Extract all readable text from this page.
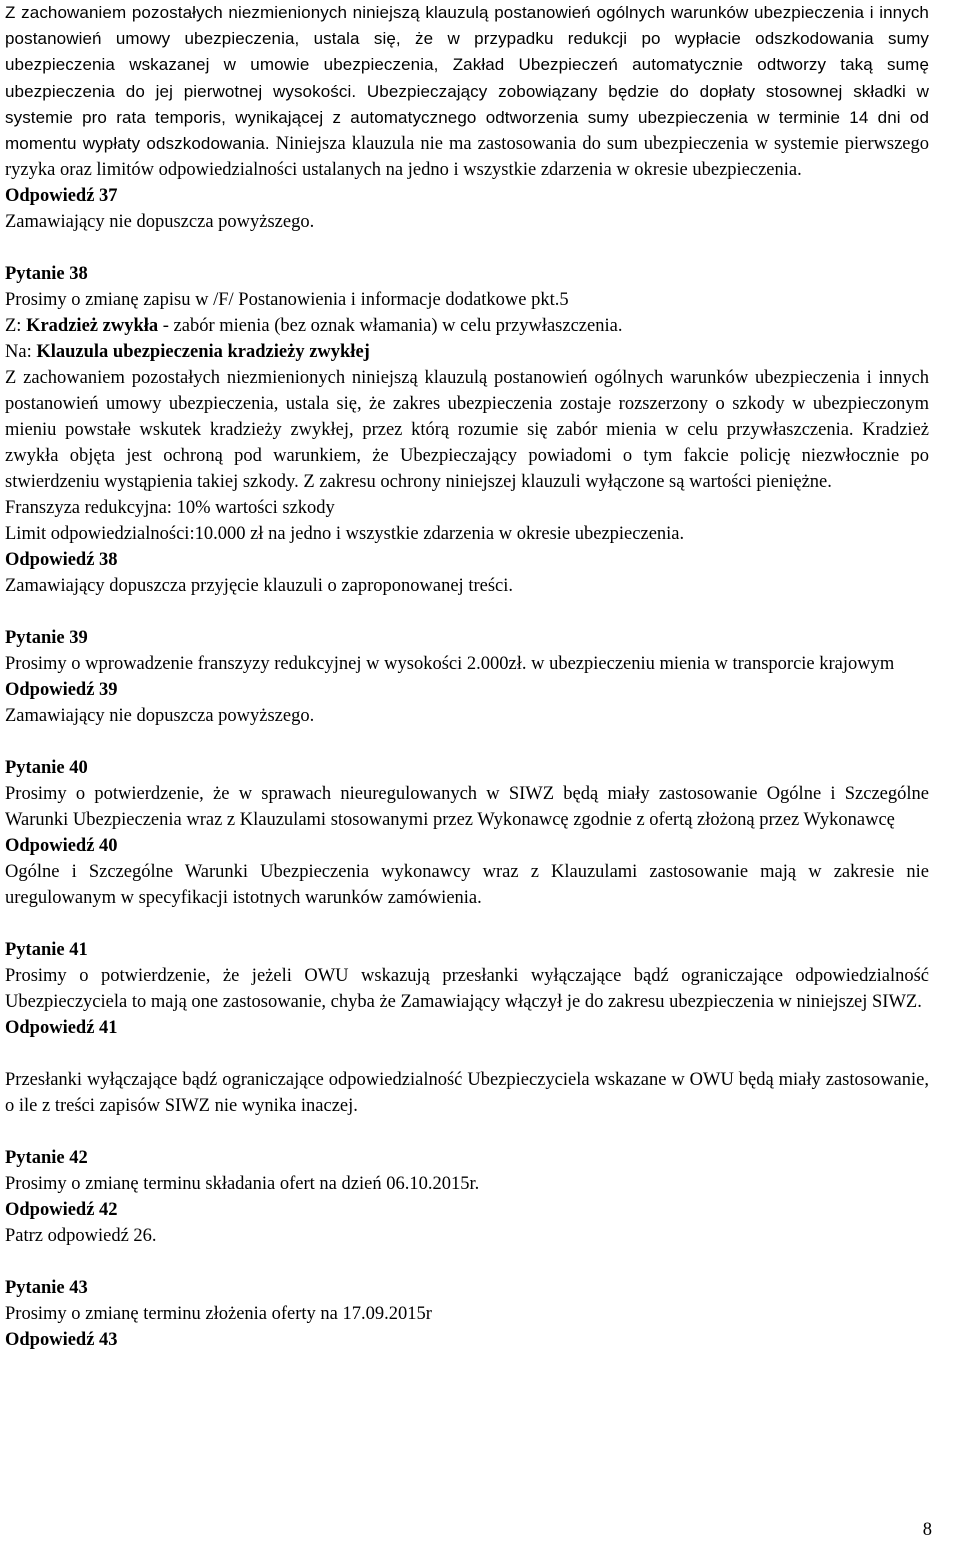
Z zachowaniem pozostałych niezmienionych niniejszą klauzulą postanowień ogólnych warunków ubezpieczenia i innych postanowień umowy ubezpieczenia, ustala się, że w przypadku redukcji po wypłacie odszkodowania sumy ubezpieczenia wskazanej w umowie ubezpieczenia, Zakład Ubezpieczeń automatycznie odtworzy taką sumę ubezpieczenia do jej pierwotnej wysokości. Ubezpieczający zobowiązany będzie do dopłaty stosownej składki w systemie pro rata temporis, wynikającej z automatycznego odtworzenia sumy ubezpieczenia w terminie 14 dni od momentu wypłaty odszkodowania. Niniejsza klauzula nie ma zastosowania do sum ubezpieczenia w systemie pierwszego ryzyka oraz limitów odpowiedzialności ustalanych na jedno i wszystkie zdarzenia w okresie ubezpieczenia.

Odpowiedź 37

Zamawiający nie dopuszcza powyższego.

Pytanie 38

Prosimy o zmianę zapisu w /F/ Postanowienia i informacje dodatkowe pkt.5

Z: Kradzież zwykła - zabór mienia (bez oznak włamania) w celu przywłaszczenia.

Na: Klauzula ubezpieczenia kradzieży zwykłej

Z zachowaniem pozostałych niezmienionych niniejszą klauzulą postanowień ogólnych warunków ubezpieczenia i innych postanowień umowy ubezpieczenia, ustala się, że zakres ubezpieczenia zostaje rozszerzony o szkody w ubezpieczonym mieniu powstałe wskutek kradzieży zwykłej, przez którą rozumie się zabór mienia w celu przywłaszczenia. Kradzież zwykła objęta jest ochroną pod warunkiem, że Ubezpieczający powiadomi o tym fakcie policję niezwłocznie po stwierdzeniu wystąpienia takiej szkody. Z zakresu ochrony niniejszej klauzuli wyłączone są wartości pieniężne.

Franszyza redukcyjna: 10% wartości szkody

Limit odpowiedzialności:10.000 zł na jedno i wszystkie zdarzenia w okresie ubezpieczenia.

Odpowiedź 38

Zamawiający dopuszcza przyjęcie klauzuli o zaproponowanej treści.

Pytanie 39

Prosimy o wprowadzenie franszyzy redukcyjnej w wysokości 2.000zł. w ubezpieczeniu mienia w transporcie krajowym

Odpowiedź 39

Zamawiający nie dopuszcza powyższego.

Pytanie 40

Prosimy o potwierdzenie, że w sprawach nieuregulowanych w SIWZ będą miały zastosowanie Ogólne i Szczególne Warunki Ubezpieczenia wraz z Klauzulami stosowanymi przez Wykonawcę zgodnie z ofertą złożoną przez Wykonawcę

Odpowiedź 40

Ogólne i Szczególne Warunki Ubezpieczenia wykonawcy wraz z Klauzulami zastosowanie mają w zakresie nie uregulowanym w specyfikacji istotnych warunków zamówienia.

Pytanie 41

Prosimy o potwierdzenie, że jeżeli OWU wskazują przesłanki wyłączające bądź ograniczające odpowiedzialność Ubezpieczyciela to mają one zastosowanie, chyba że Zamawiający włączył je do zakresu ubezpieczenia w niniejszej SIWZ.

Odpowiedź 41

Przesłanki wyłączające bądź ograniczające odpowiedzialność Ubezpieczyciela wskazane w OWU będą miały zastosowanie, o ile z treści zapisów SIWZ nie wynika inaczej.

Pytanie 42

Prosimy o zmianę terminu składania ofert na dzień 06.10.2015r.

Odpowiedź 42

Patrz odpowiedź 26.

Pytanie 43

Prosimy o zmianę terminu złożenia oferty na 17.09.2015r

Odpowiedź 43

8
